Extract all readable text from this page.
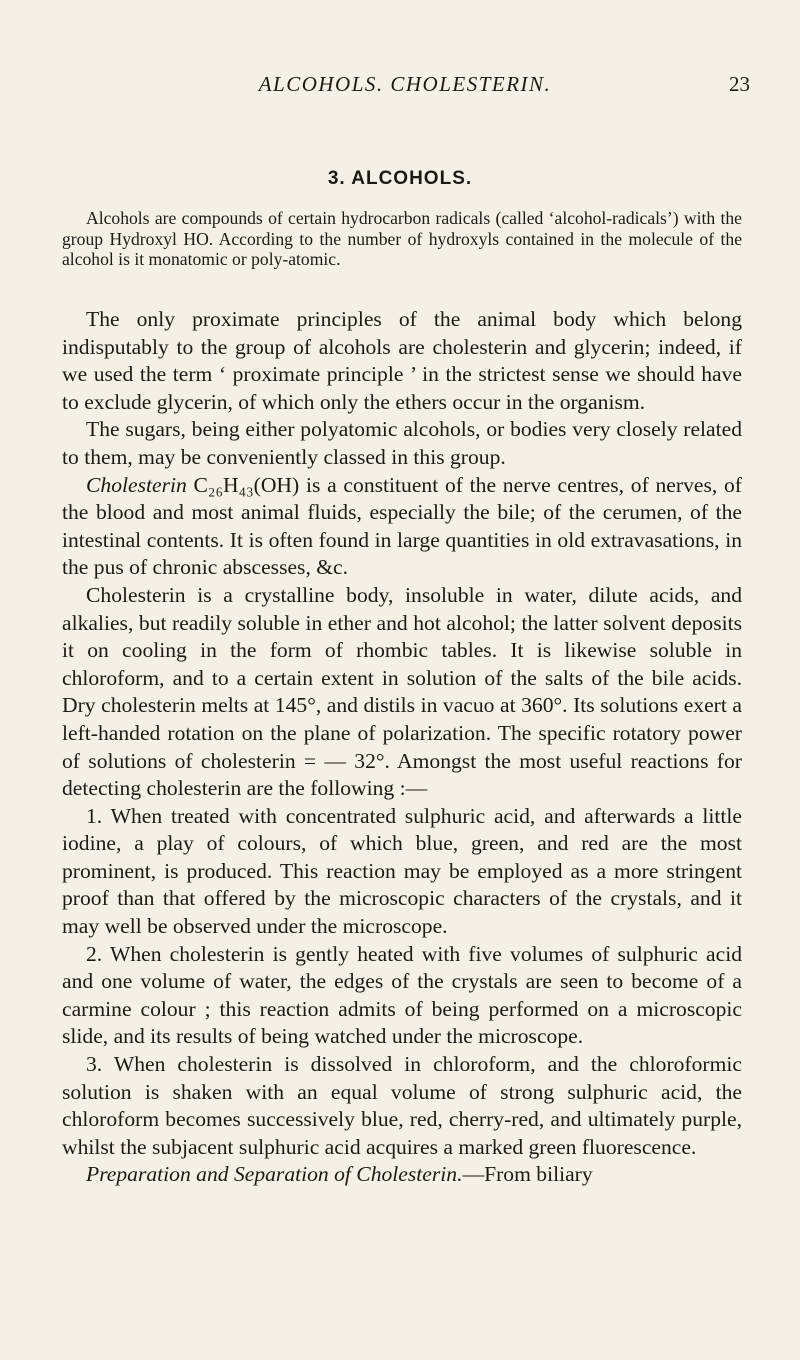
ALCOHOLS. CHOLESTERIN.	23
3. ALCOHOLS.
Alcohols are compounds of certain hydrocarbon radicals (called ‘alcohol-radicals’) with the group Hydroxyl HO. According to the number of hydroxyls contained in the molecule of the alcohol is it monatomic or poly-atomic.

The only proximate principles of the animal body which belong indisputably to the group of alcohols are cholesterin and glycerin; indeed, if we used the term ‘ proximate principle ’ in the strictest sense we should have to exclude glycerin, of which only the ethers occur in the organism.

The sugars, being either polyatomic alcohols, or bodies very closely related to them, may be conveniently classed in this group.

Cholesterin C₂₆H₄₃(OH) is a constituent of the nerve centres, of nerves, of the blood and most animal fluids, especially the bile; of the cerumen, of the intestinal contents. It is often found in large quantities in old extravasations, in the pus of chronic abscesses, &c.

Cholesterin is a crystalline body, insoluble in water, dilute acids, and alkalies, but readily soluble in ether and hot alcohol; the latter solvent deposits it on cooling in the form of rhombic tables. It is likewise soluble in chloroform, and to a certain extent in solution of the salts of the bile acids. Dry cholesterin melts at 145°, and distils in vacuo at 360°. Its solutions exert a left-handed rotation on the plane of polarization. The specific rotatory power of solutions of cholesterin = — 32°. Amongst the most useful reactions for detecting cholesterin are the following :—

1. When treated with concentrated sulphuric acid, and afterwards a little iodine, a play of colours, of which blue, green, and red are the most prominent, is produced. This reaction may be employed as a more stringent proof than that offered by the microscopic characters of the crystals, and it may well be observed under the microscope.

2. When cholesterin is gently heated with five volumes of sulphuric acid and one volume of water, the edges of the crystals are seen to become of a carmine colour ; this reaction admits of being performed on a microscopic slide, and its results of being watched under the microscope.

3. When cholesterin is dissolved in chloroform, and the chloroformic solution is shaken with an equal volume of strong sulphuric acid, the chloroform becomes successively blue, red, cherry-red, and ultimately purple, whilst the subjacent sulphuric acid acquires a marked green fluorescence.

Preparation and Separation of Cholesterin.—From biliary
